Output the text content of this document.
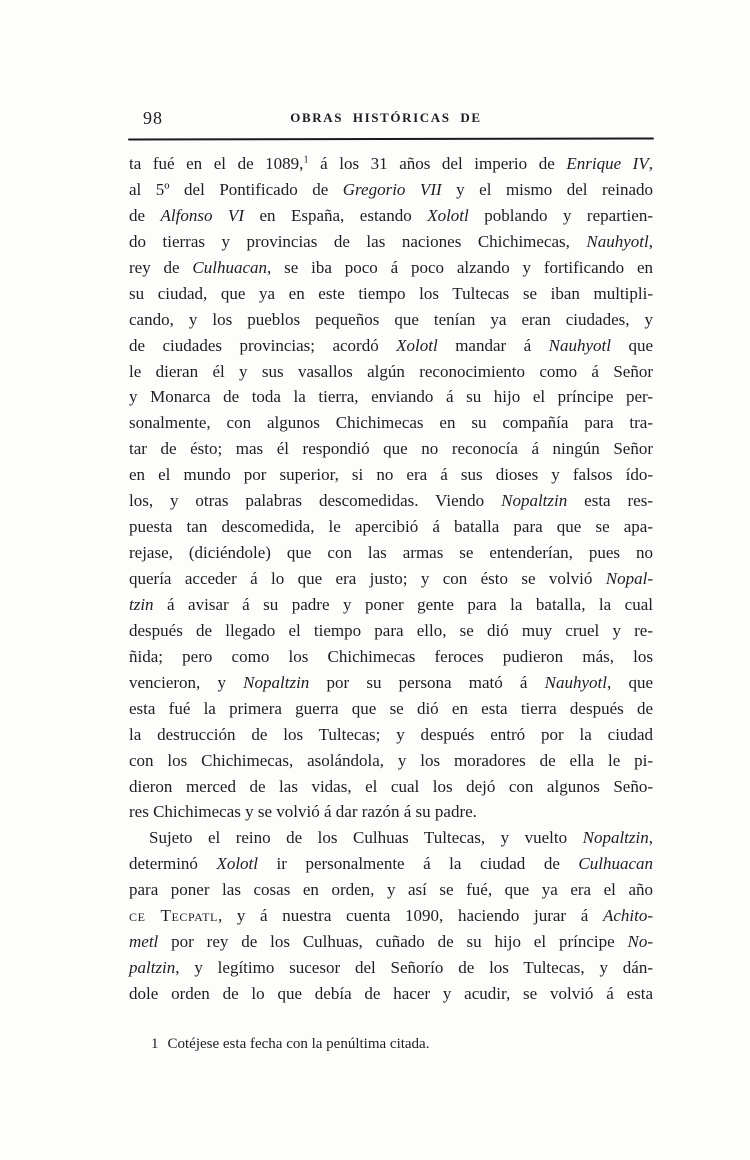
98	OBRAS HISTÓRICAS DE
ta fué en el de 1089,$^1$ á los 31 años del imperio de Enrique IV,
al 5º del Pontificado de Gregorio VII y el mismo del reinado
de Alfonso VI en España, estando Xolotl poblando y repartien-
do tierras y provincias de las naciones Chichimecas, Nauhyotl,
rey de Culhuacan, se iba poco á poco alzando y fortificando en
su ciudad, que ya en este tiempo los Tultecas se iban multipli-
cando, y los pueblos pequeños que tenían ya eran ciudades, y
de ciudades provincias; acordó Xolotl mandar á Nauhyotl que
le dieran él y sus vasallos algún reconocimiento como á Señor
y Monarca de toda la tierra, enviando á su hijo el príncipe per-
sonalmente, con algunos Chichimecas en su compañía para tra-
tar de ésto; mas él respondió que no reconocía á ningún Señor
en el mundo por superior, si no era á sus dioses y falsos ído-
los, y otras palabras descomedidas. Viendo Nopaltzin esta res-
puesta tan descomedida, le apercibió á batalla para que se apa-
rejase, (diciéndole) que con las armas se entenderían, pues no
quería acceder á lo que era justo; y con ésto se volvió Nopal-
tzin á avisar á su padre y poner gente para la batalla, la cual
después de llegado el tiempo para ello, se dió muy cruel y re-
ñida; pero como los Chichimecas feroces pudieron más, los
vencieron, y Nopaltzin por su persona mató á Nauhyotl, que
esta fué la primera guerra que se dió en esta tierra después de
la destrucción de los Tultecas; y después entró por la ciudad
con los Chichimecas, asolándola, y los moradores de ella le pi-
dieron merced de las vidas, el cual los dejó con algunos Seño-
res Chichimecas y se volvió á dar razón á su padre.
Sujeto el reino de los Culhuas Tultecas, y vuelto Nopaltzin,
determinó Xolotl ir personalmente á la ciudad de Culhuacan
para poner las cosas en orden, y así se fué, que ya era el año
ce Tecpatl, y á nuestra cuenta 1090, haciendo jurar á Achito-
metl por rey de los Culhuas, cuñado de su hijo el príncipe No-
paltzin, y legítimo sucesor del Señorío de los Tultecas, y dán-
dole orden de lo que debía de hacer y acudir, se volvió á esta
1 Cotéjese esta fecha con la penúltima citada.
